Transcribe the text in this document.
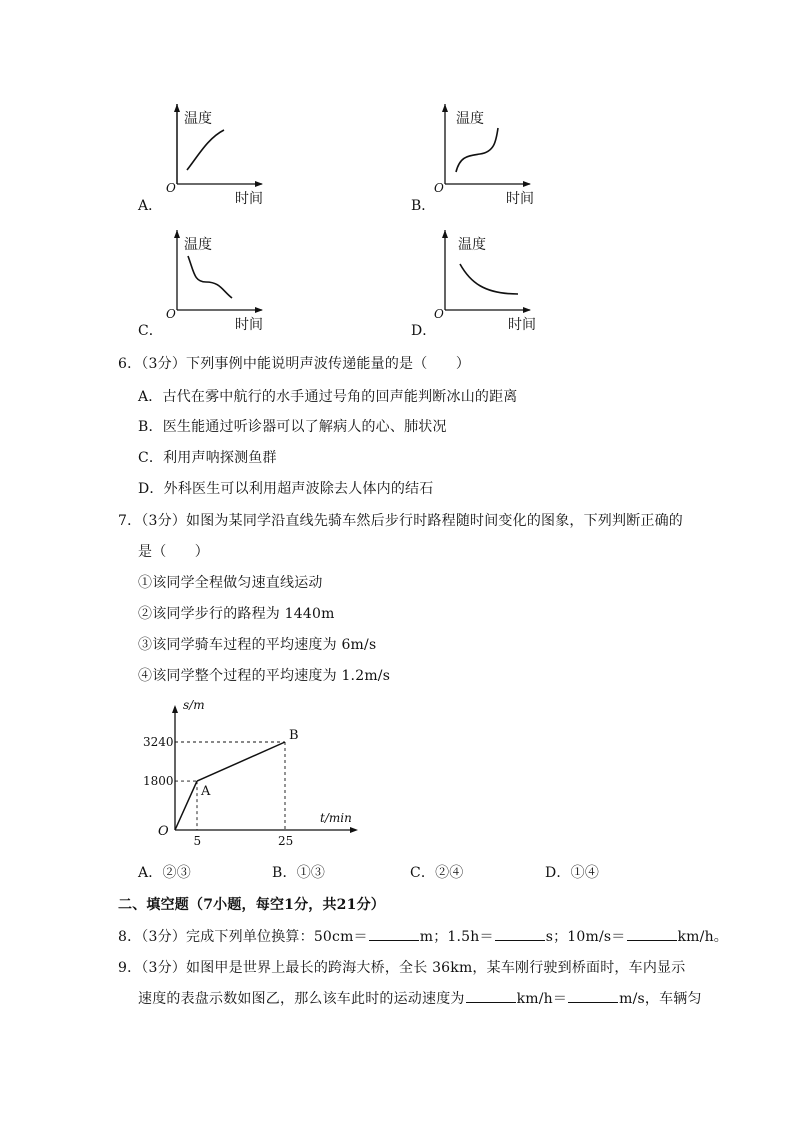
温度
时间
O
A．
温度
时间
O
B．
温度
时间
O
C．
温度
时间
O
D．
6．（3分）下列事例中能说明声波传递能量的是（　　）
A．古代在雾中航行的水手通过号角的回声能判断冰山的距离
B．医生能通过听诊器可以了解病人的心、肺状况
C．利用声呐探测鱼群
D．外科医生可以利用超声波除去人体内的结石
7．（3分）如图为某同学沿直线先骑车然后步行时路程随时间变化的图象，下列判断正确的
是（　　）
①该同学全程做匀速直线运动
②该同学步行的路程为 1440m
③该同学骑车过程的平均速度为 6m/s
④该同学整个过程的平均速度为 1.2m/s
s/m
t/min
O
A
B
5	25
1800
3240
A．②③	B．①③	C．②④	D．①④
二、填空题（7小题，每空1分，共21分）
8．（3分）完成下列单位换算：50cm＝	m；1.5h＝	s；10m/s＝	km/h。
9．（3分）如图甲是世界上最长的跨海大桥，全长 36km，某车刚行驶到桥面时，车内显示
速度的表盘示数如图乙，那么该车此时的运动速度为	km/h＝	m/s，车辆匀
